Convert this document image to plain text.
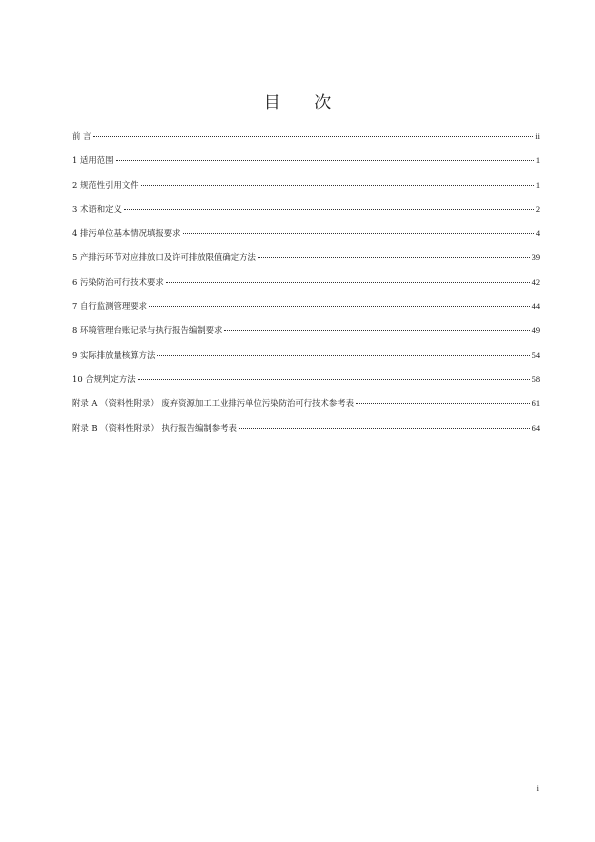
目 次
前 言	ii
1 适用范围	1
2 规范性引用文件	1
3 术语和定义	2
4 排污单位基本情况填报要求	4
5 产排污环节对应排放口及许可排放限值确定方法	39
6 污染防治可行技术要求	42
7 自行监测管理要求	44
8 环境管理台账记录与执行报告编制要求	49
9 实际排放量核算方法	54
10 合规判定方法	58
附录 A （资料性附录） 废弃资源加工工业排污单位污染防治可行技术参考表	61
附录 B （资料性附录） 执行报告编制参考表	64
i
